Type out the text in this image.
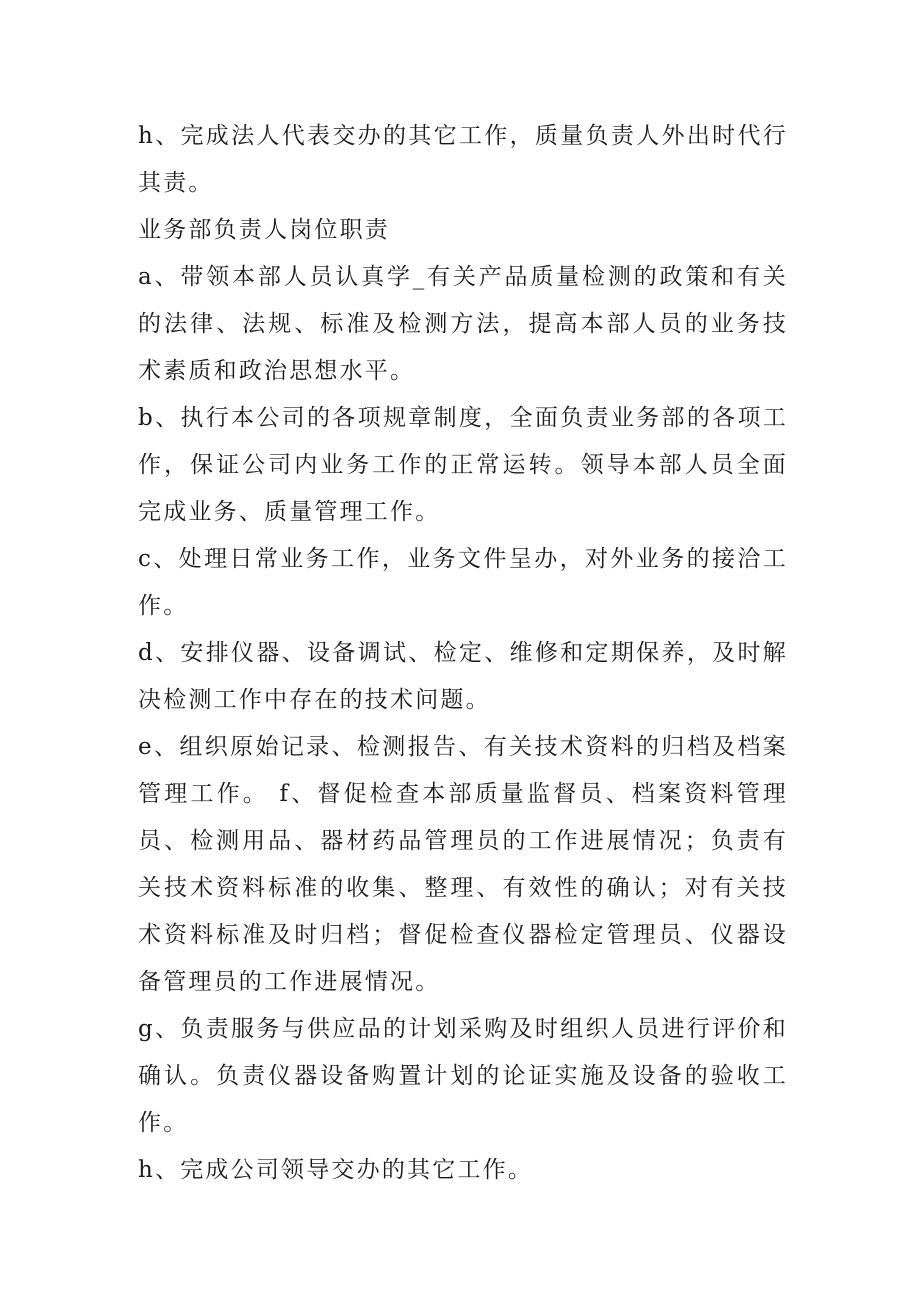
h、完成法人代表交办的其它工作，质量负责人外出时代行其责。

业务部负责人岗位职责

a、带领本部人员认真学_有关产品质量检测的政策和有关的法律、法规、标准及检测方法，提高本部人员的业务技术素质和政治思想水平。

b、执行本公司的各项规章制度，全面负责业务部的各项工作，保证公司内业务工作的正常运转。领导本部人员全面完成业务、质量管理工作。

c、处理日常业务工作，业务文件呈办，对外业务的接洽工作。

d、安排仪器、设备调试、检定、维修和定期保养，及时解决检测工作中存在的技术问题。

e、组织原始记录、检测报告、有关技术资料的归档及档案管理工作。 f、督促检查本部质量监督员、档案资料管理员、检测用品、器材药品管理员的工作进展情况；负责有关技术资料标准的收集、整理、有效性的确认；对有关技术资料标准及时归档；督促检查仪器检定管理员、仪器设备管理员的工作进展情况。

g、负责服务与供应品的计划采购及时组织人员进行评价和确认。负责仪器设备购置计划的论证实施及设备的验收工作。

h、完成公司领导交办的其它工作。
